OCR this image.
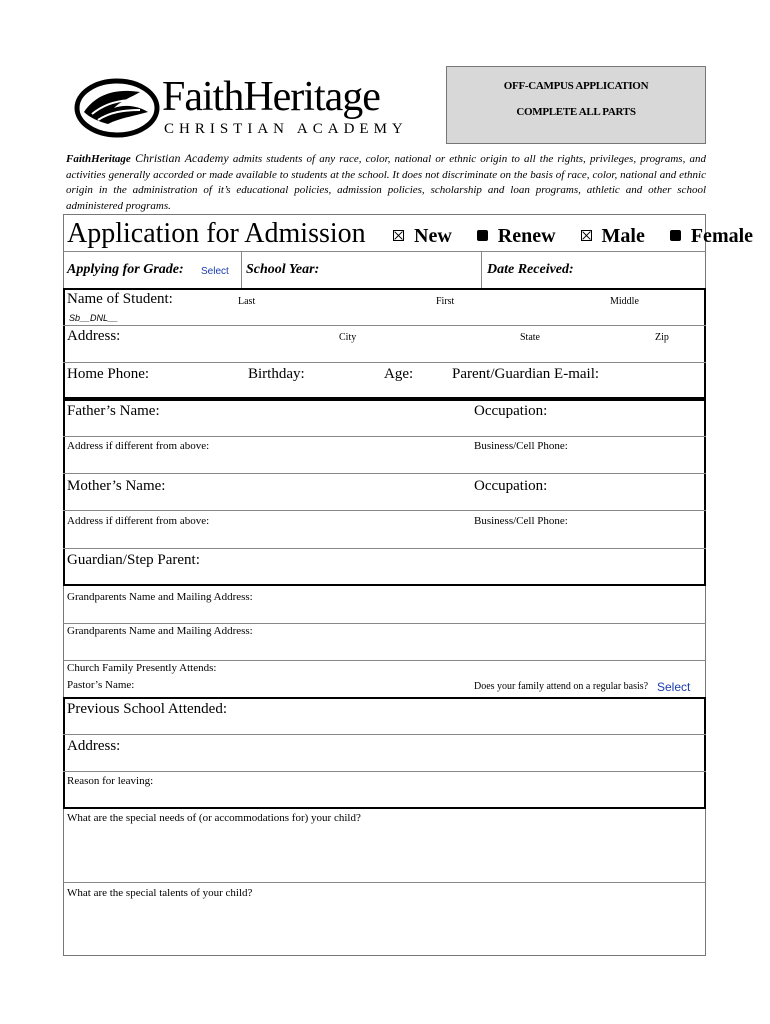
FaithHeritage
CHRISTIAN ACADEMY
OFF-CAMPUS APPLICATION
COMPLETE ALL PARTS
FaithHeritage Christian Academy admits students of any race, color, national or ethnic origin to all the rights, privileges, programs, and activities generally accorded or made available to students at the school. It does not discriminate on the basis of race, color, national and ethnic origin in the administration of it’s educational policies, admission policies, scholarship and loan programs, athletic and other school administered programs.
Application for Admission	New Renew Male Female
Applying for Grade: Select School Year:	Date Received:
Name of Student:	Last	First	Middle
Sb__DNL__
Address:	City	State	Zip
Home Phone:	Birthday:	Age:	Parent/Guardian E-mail:
Father’s Name:	Occupation:
Address if different from above:	Business/Cell Phone:
Mother’s Name:	Occupation:
Address if different from above:	Business/Cell Phone:
Guardian/Step Parent:
Grandparents Name and Mailing Address:
Grandparents Name and Mailing Address:
Church Family Presently Attends:
Pastor’s Name:	Does your family attend on a regular basis? Select
Previous School Attended:
Address:
Reason for leaving:
What are the special needs of (or accommodations for) your child?
What are the special talents of your child?
